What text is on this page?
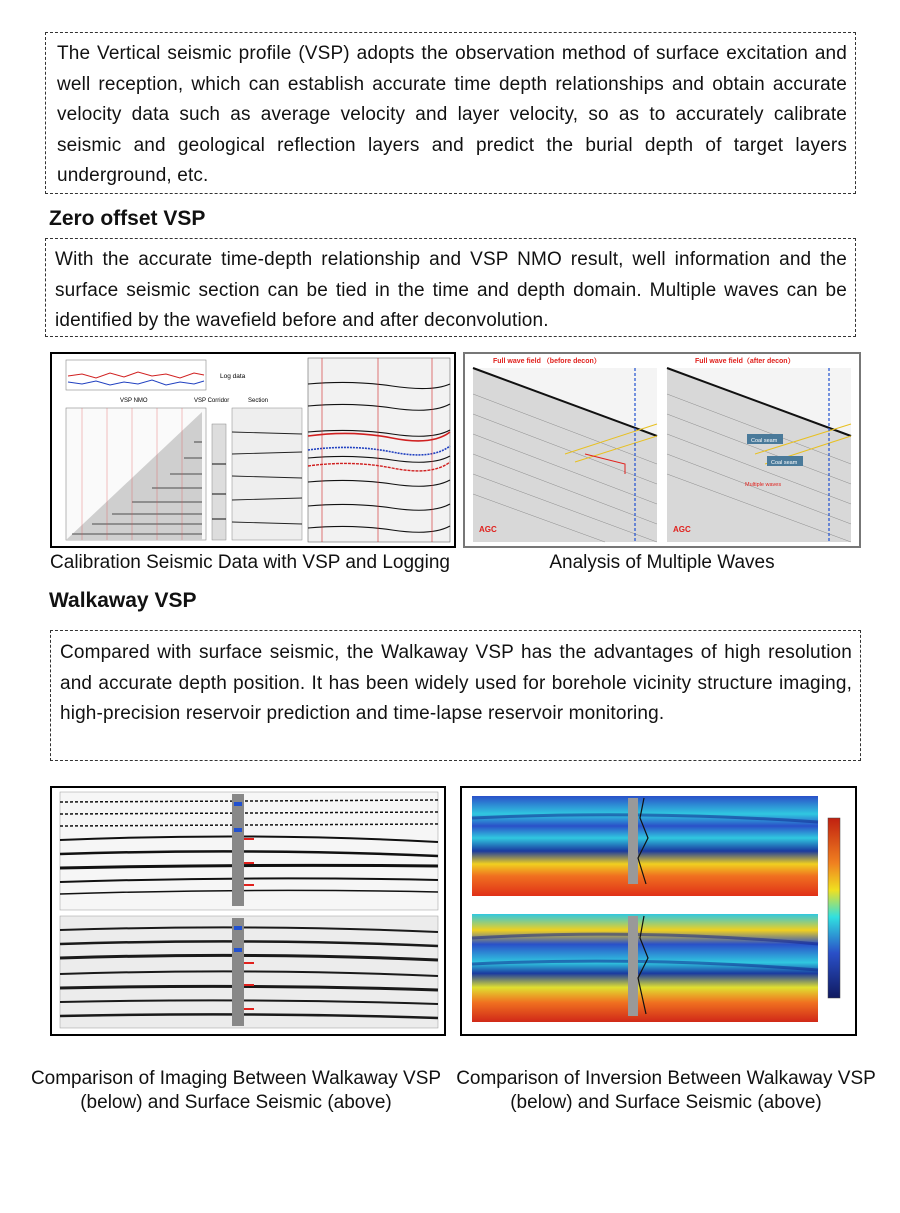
The Vertical seismic profile (VSP) adopts the observation method of surface excitation and well reception, which can establish accurate time depth relationships and obtain accurate velocity data such as average velocity and layer velocity, so as to accurately calibrate seismic and geological reflection layers and predict the burial depth of target layers underground, etc.

Zero offset VSP

With the accurate time-depth relationship and VSP NMO result, well information and the surface seismic section can be tied in the time and depth domain. Multiple waves can be identified by the wavefield before and after deconvolution.

Log data
VSP NMO	VSP Corridor	Section
Calibration Seismic Data with VSP and Logging
Full wave field （before decon）	Full wave field（after decon）
AGC
Coal seam
Coal seam
Multiple waves
AGC
Analysis of Multiple Waves
Walkaway VSP

Compared with surface seismic, the Walkaway VSP has the advantages of high resolution and accurate depth position. It has been widely used for borehole vicinity structure imaging, high-precision reservoir prediction and time-lapse reservoir monitoring.

Comparison of Imaging Between Walkaway VSP (below) and Surface Seismic (above)
Comparison of Inversion Between Walkaway VSP (below) and Surface Seismic (above)
